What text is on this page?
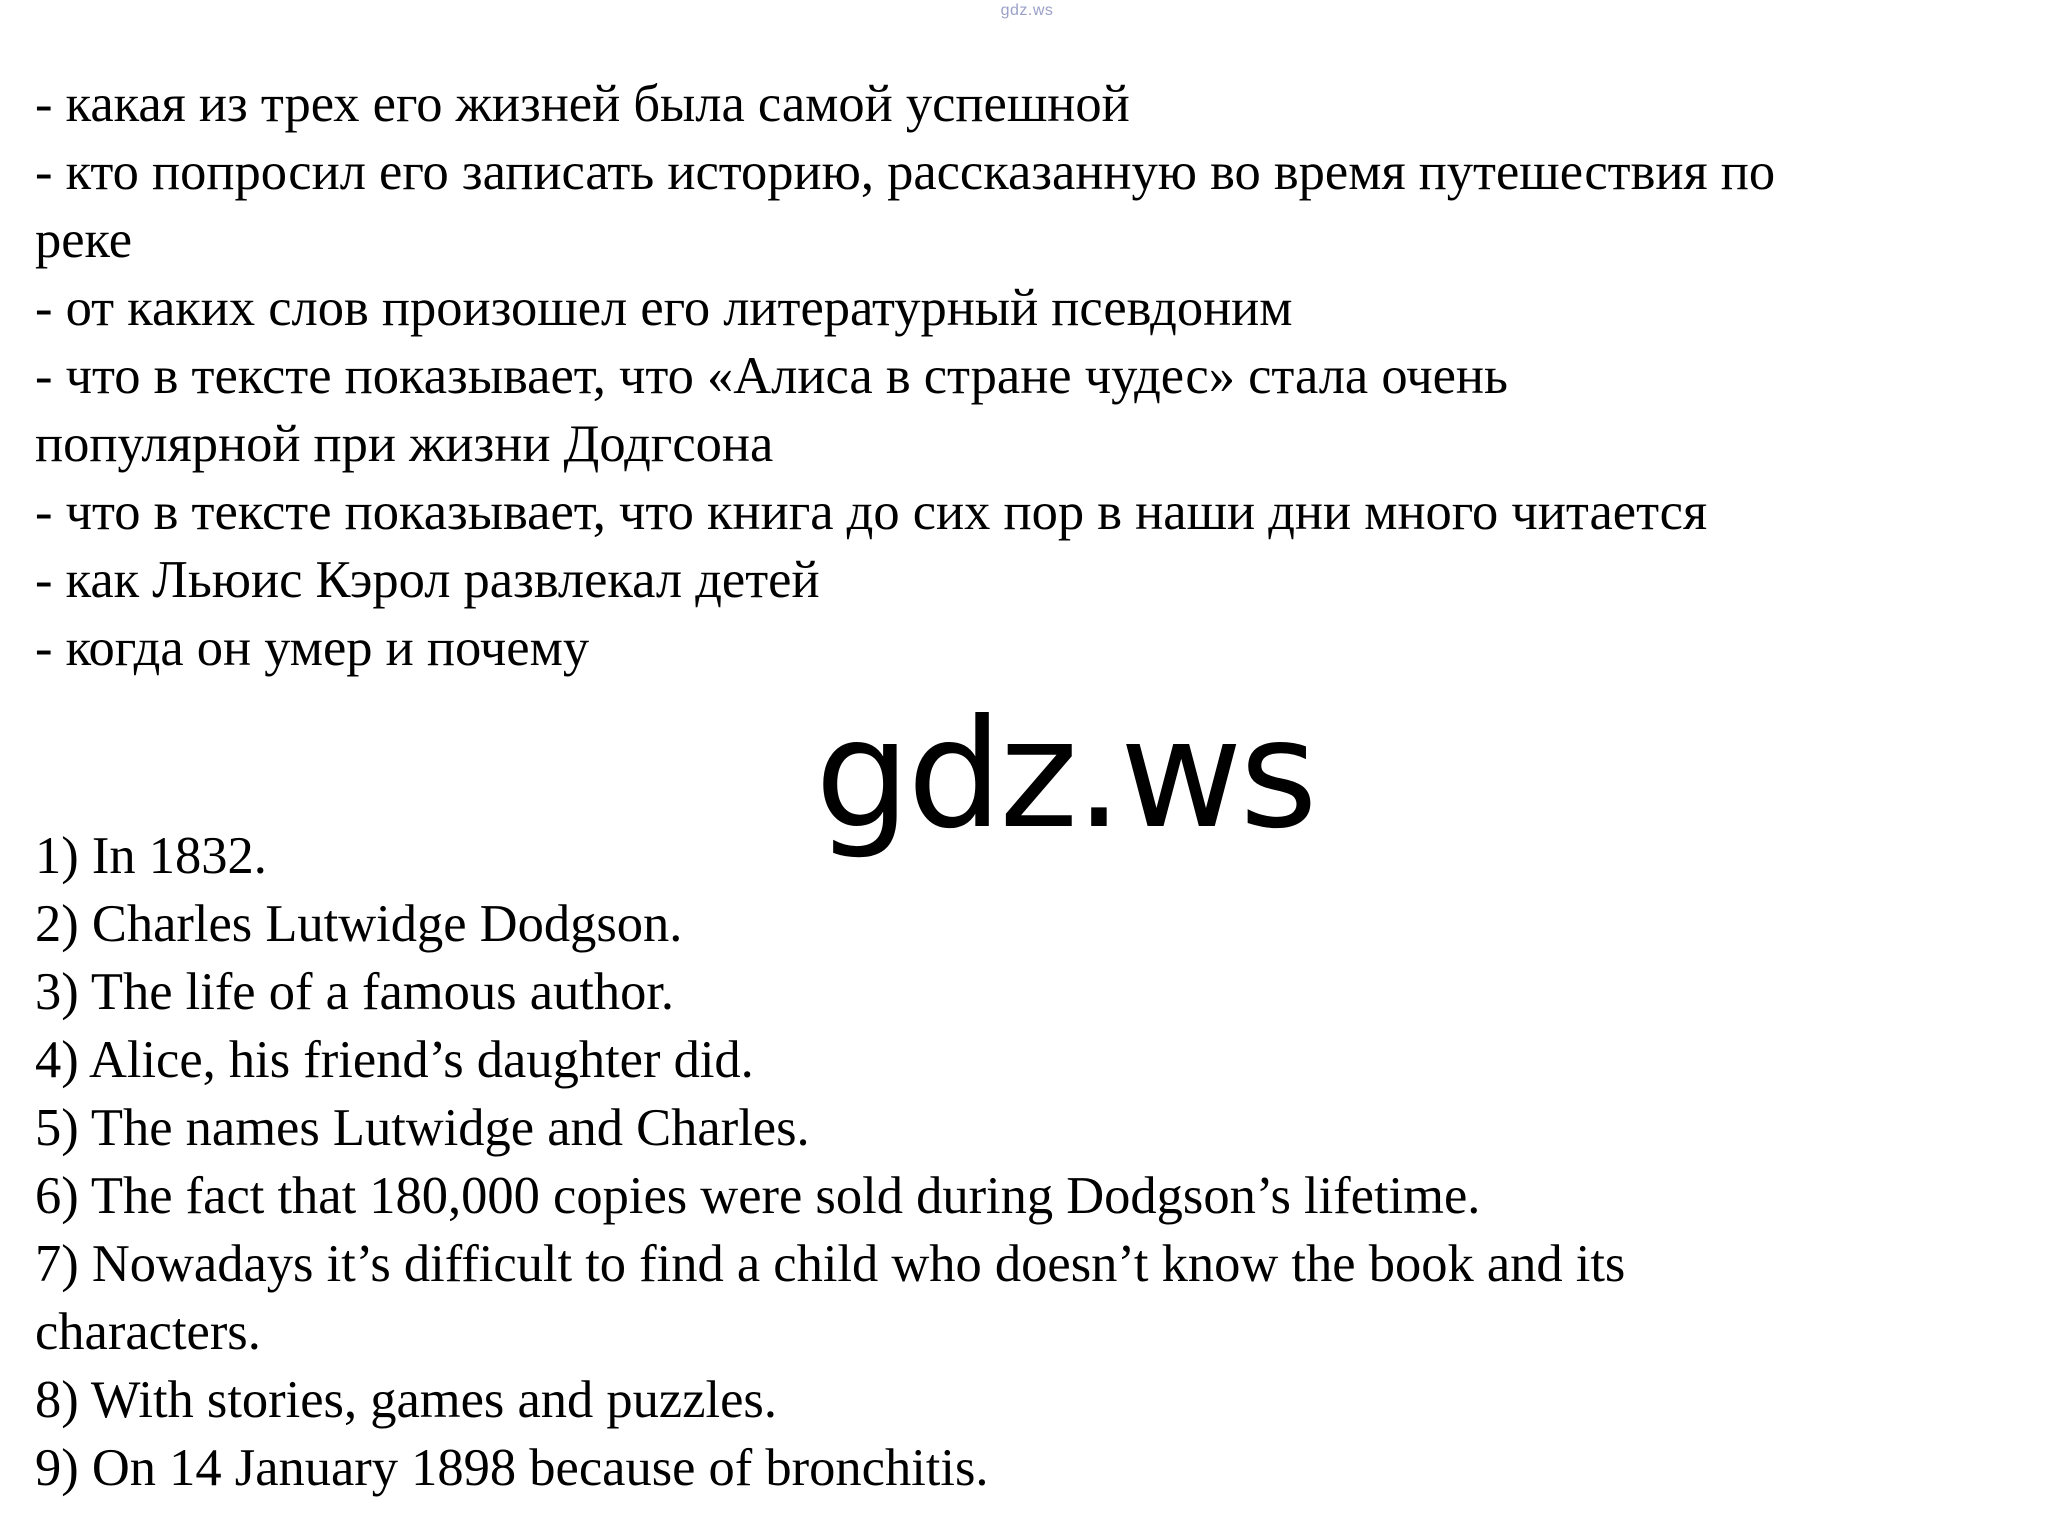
gdz.ws
- какая из трех его жизней была самой успешной
- кто попросил его записать историю, рассказанную во время путешествия по
реке
- от каких слов произошел его литературный псевдоним
- что в тексте показывает, что «Алиса в стране чудес» стала очень
популярной при жизни Додгсона
- что в тексте показывает, что книга до сих пор в наши дни много читается
- как Льюис Кэрол развлекал детей
- когда он умер и почему
gdz.ws
1) In 1832.
2) Charles Lutwidge Dodgson.
3) The life of a famous author.
4) Alice, his friend’s daughter did.
5) The names Lutwidge and Charles.
6) The fact that 180,000 copies were sold during Dodgson’s lifetime.
7) Nowadays it’s difficult to find a child who doesn’t know the book and its
characters.
8) With stories, games and puzzles.
9) On 14 January 1898 because of bronchitis.
